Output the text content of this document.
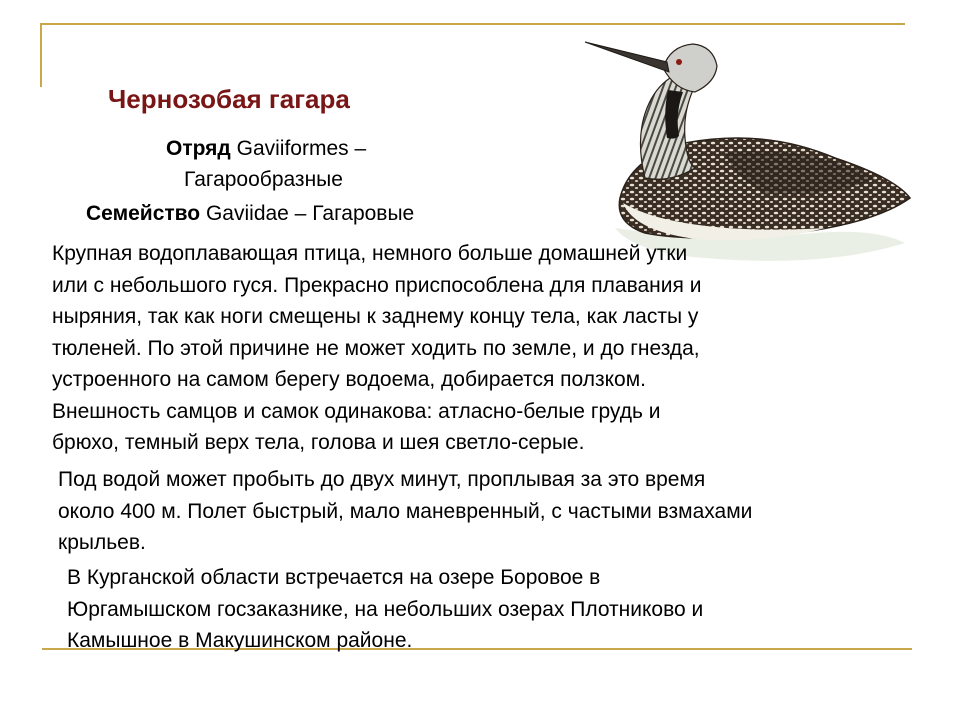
Чернозобая гагара
Отряд Gaviiformes –
Гагарообразные
Семейство Gaviidae – Гагаровые
Крупная водоплавающая птица, немного больше домашней утки
или с небольшого гуся. Прекрасно приспособлена для плавания и
ныряния, так как ноги смещены к заднему концу тела, как ласты у
тюленей. По этой причине не может ходить по земле, и до гнезда,
устроенного на самом берегу водоема, добирается ползком.
Внешность самцов и самок одинакова: атласно-белые грудь и
брюхо, темный верх тела, голова и шея светло-серые.
Под водой может пробыть до двух минут, проплывая за это время
около 400 м. Полет быстрый, мало маневренный, с частыми взмахами
крыльев.
В Курганской области встречается на озере Боровое в
Юргамышском госзаказнике, на небольших озерах Плотниково и
Камышное в Макушинском районе.
